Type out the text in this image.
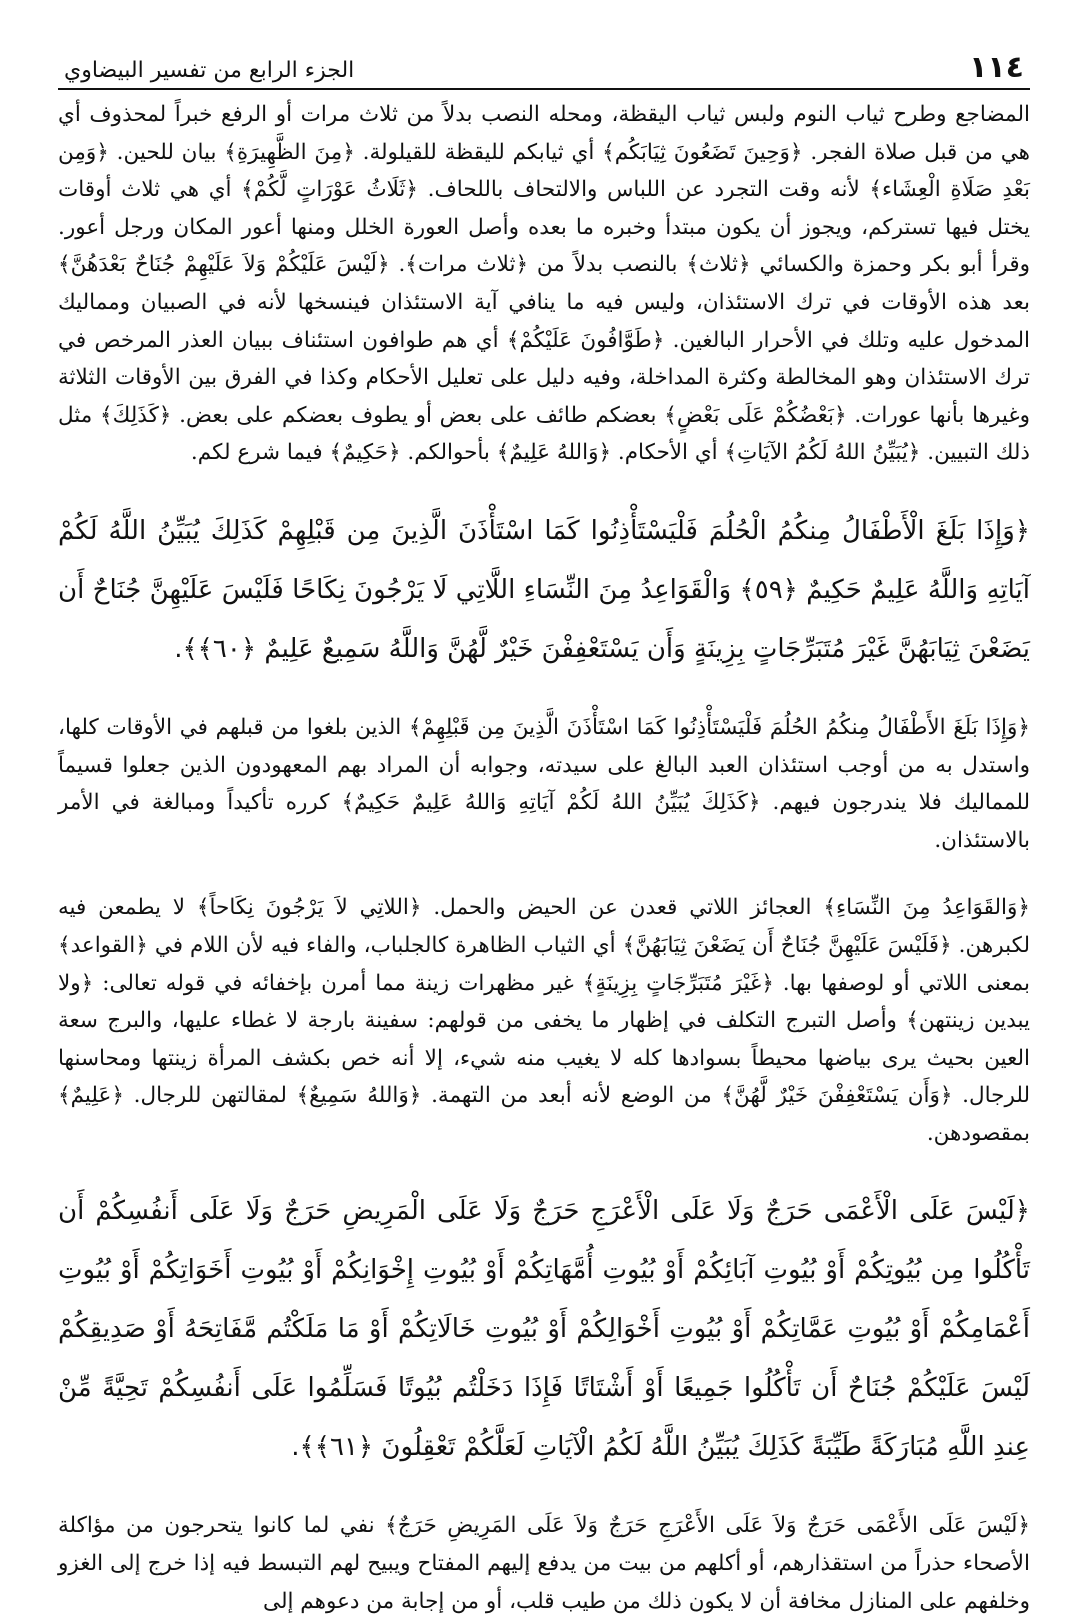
١١٤
الجزء الرابع من تفسير البيضاوي

المضاجع وطرح ثياب النوم ولبس ثياب اليقظة، ومحله النصب بدلاً من ثلاث مرات أو الرفع خبراً لمحذوف أي هي من قبل صلاة الفجر. ﴿وَحِينَ تَضَعُونَ ثِيَابَكُم﴾ أي ثيابكم لليقظة للقيلولة. ﴿مِنَ الظَّهِيرَةِ﴾ بيان للحين. ﴿وَمِن بَعْدِ صَلَاةِ الْعِشَاء﴾ لأنه وقت التجرد عن اللباس والالتحاف باللحاف. ﴿ثَلَاثُ عَوْرَاتٍ لَّكُمْ﴾ أي هي ثلاث أوقات يختل فيها تستركم، ويجوز أن يكون مبتدأ وخبره ما بعده وأصل العورة الخلل ومنها أعور المكان ورجل أعور. وقرأ أبو بكر وحمزة والكسائي ﴿ثلاث﴾ بالنصب بدلاً من ﴿ثلاث مرات﴾. ﴿لَيْسَ عَلَيْكُمْ وَلاَ عَلَيْهِمْ جُنَاحٌ بَعْدَهُنَّ﴾ بعد هذه الأوقات في ترك الاستئذان، وليس فيه ما ينافي آية الاستئذان فينسخها لأنه في الصبيان ومماليك المدخول عليه وتلك في الأحرار البالغين. ﴿طَوَّافُونَ عَلَيْكُمْ﴾ أي هم طوافون استئناف ببيان العذر المرخص في ترك الاستئذان وهو المخالطة وكثرة المداخلة، وفيه دليل على تعليل الأحكام وكذا في الفرق بين الأوقات الثلاثة وغيرها بأنها عورات. ﴿بَعْضُكُمْ عَلَى بَعْضٍ﴾ بعضكم طائف على بعض أو يطوف بعضكم على بعض. ﴿كَذَلِكَ﴾ مثل ذلك التبيين. ﴿يُبَيِّنُ اللهُ لَكُمُ الآيَاتِ﴾ أي الأحكام. ﴿وَاللهُ عَلِيمٌ﴾ بأحوالكم. ﴿حَكِيمٌ﴾ فيما شرع لكم.

﴿وَإِذَا بَلَغَ الْأَطْفَالُ مِنكُمُ الْحُلُمَ فَلْيَسْتَأْذِنُوا كَمَا اسْتَأْذَنَ الَّذِينَ مِن قَبْلِهِمْ كَذَلِكَ يُبَيِّنُ اللَّهُ لَكُمْ آيَاتِهِ وَاللَّهُ عَلِيمٌ حَكِيمٌ ﴿٥٩﴾ وَالْقَوَاعِدُ مِنَ النِّسَاءِ اللَّاتِي لَا يَرْجُونَ نِكَاحًا فَلَيْسَ عَلَيْهِنَّ جُنَاحٌ أَن يَضَعْنَ ثِيَابَهُنَّ غَيْرَ مُتَبَرِّجَاتٍ بِزِينَةٍ وَأَن يَسْتَعْفِفْنَ خَيْرٌ لَّهُنَّ وَاللَّهُ سَمِيعٌ عَلِيمٌ ﴿٦٠﴾﴾.

﴿وَإِذَا بَلَغَ الأَطْفَالُ مِنكُمُ الحُلُمَ فَلْيَسْتَأْذِنُوا كَمَا اسْتَأْذَنَ الَّذِينَ مِن قَبْلِهِمْ﴾ الذين بلغوا من قبلهم في الأوقات كلها، واستدل به من أوجب استئذان العبد البالغ على سيدته، وجوابه أن المراد بهم المعهودون الذين جعلوا قسيماً للمماليك فلا يندرجون فيهم. ﴿كَذَلِكَ يُبَيِّنُ اللهُ لَكُمْ آيَاتِهِ وَاللهُ عَلِيمٌ حَكِيمٌ﴾ كرره تأكيداً ومبالغة في الأمر بالاستئذان.

﴿وَالقَوَاعِدُ مِنَ النِّسَاءِ﴾ العجائز اللاتي قعدن عن الحيض والحمل. ﴿اللاتِي لاَ يَرْجُونَ نِكَاحاً﴾ لا يطمعن فيه لكبرهن. ﴿فَلَيْسَ عَلَيْهِنَّ جُنَاحٌ أَن يَضَعْنَ ثِيَابَهُنَّ﴾ أي الثياب الظاهرة كالجلباب، والفاء فيه لأن اللام في ﴿القواعد﴾ بمعنى اللاتي أو لوصفها بها. ﴿غَيْرَ مُتَبَرِّجَاتٍ بِزِينَةٍ﴾ غير مظهرات زينة مما أمرن بإخفائه في قوله تعالى: ﴿ولا يبدين زينتهن﴾ وأصل التبرج التكلف في إظهار ما يخفى من قولهم: سفينة بارجة لا غطاء عليها، والبرج سعة العين بحيث يرى بياضها محيطاً بسوادها كله لا يغيب منه شيء، إلا أنه خص بكشف المرأة زينتها ومحاسنها للرجال. ﴿وَأَن يَسْتَعْفِفْنَ خَيْرٌ لَّهُنَّ﴾ من الوضع لأنه أبعد من التهمة. ﴿وَاللهُ سَمِيعٌ﴾ لمقالتهن للرجال. ﴿عَلِيمٌ﴾ بمقصودهن.

﴿لَيْسَ عَلَى الْأَعْمَى حَرَجٌ وَلَا عَلَى الْأَعْرَجِ حَرَجٌ وَلَا عَلَى الْمَرِيضِ حَرَجٌ وَلَا عَلَى أَنفُسِكُمْ أَن تَأْكُلُوا مِن بُيُوتِكُمْ أَوْ بُيُوتِ آبَائِكُمْ أَوْ بُيُوتِ أُمَّهَاتِكُمْ أَوْ بُيُوتِ إِخْوَانِكُمْ أَوْ بُيُوتِ أَخَوَاتِكُمْ أَوْ بُيُوتِ أَعْمَامِكُمْ أَوْ بُيُوتِ عَمَّاتِكُمْ أَوْ بُيُوتِ أَخْوَالِكُمْ أَوْ بُيُوتِ خَالَاتِكُمْ أَوْ مَا مَلَكْتُم مَّفَاتِحَهُ أَوْ صَدِيقِكُمْ لَيْسَ عَلَيْكُمْ جُنَاحٌ أَن تَأْكُلُوا جَمِيعًا أَوْ أَشْتَاتًا فَإِذَا دَخَلْتُم بُيُوتًا فَسَلِّمُوا عَلَى أَنفُسِكُمْ تَحِيَّةً مِّنْ عِندِ اللَّهِ مُبَارَكَةً طَيِّبَةً كَذَلِكَ يُبَيِّنُ اللَّهُ لَكُمُ الْآيَاتِ لَعَلَّكُمْ تَعْقِلُونَ ﴿٦١﴾﴾.

﴿لَيْسَ عَلَى الأَعْمَى حَرَجٌ وَلاَ عَلَى الأَعْرَجِ حَرَجٌ وَلاَ عَلَى المَرِيضِ حَرَجٌ﴾ نفي لما كانوا يتحرجون من مؤاكلة الأصحاء حذراً من استقذارهم، أو أكلهم من بيت من يدفع إليهم المفتاح ويبيح لهم التبسط فيه إذا خرج إلى الغزو وخلفهم على المنازل مخافة أن لا يكون ذلك من طيب قلب، أو من إجابة من دعوهم إلى
